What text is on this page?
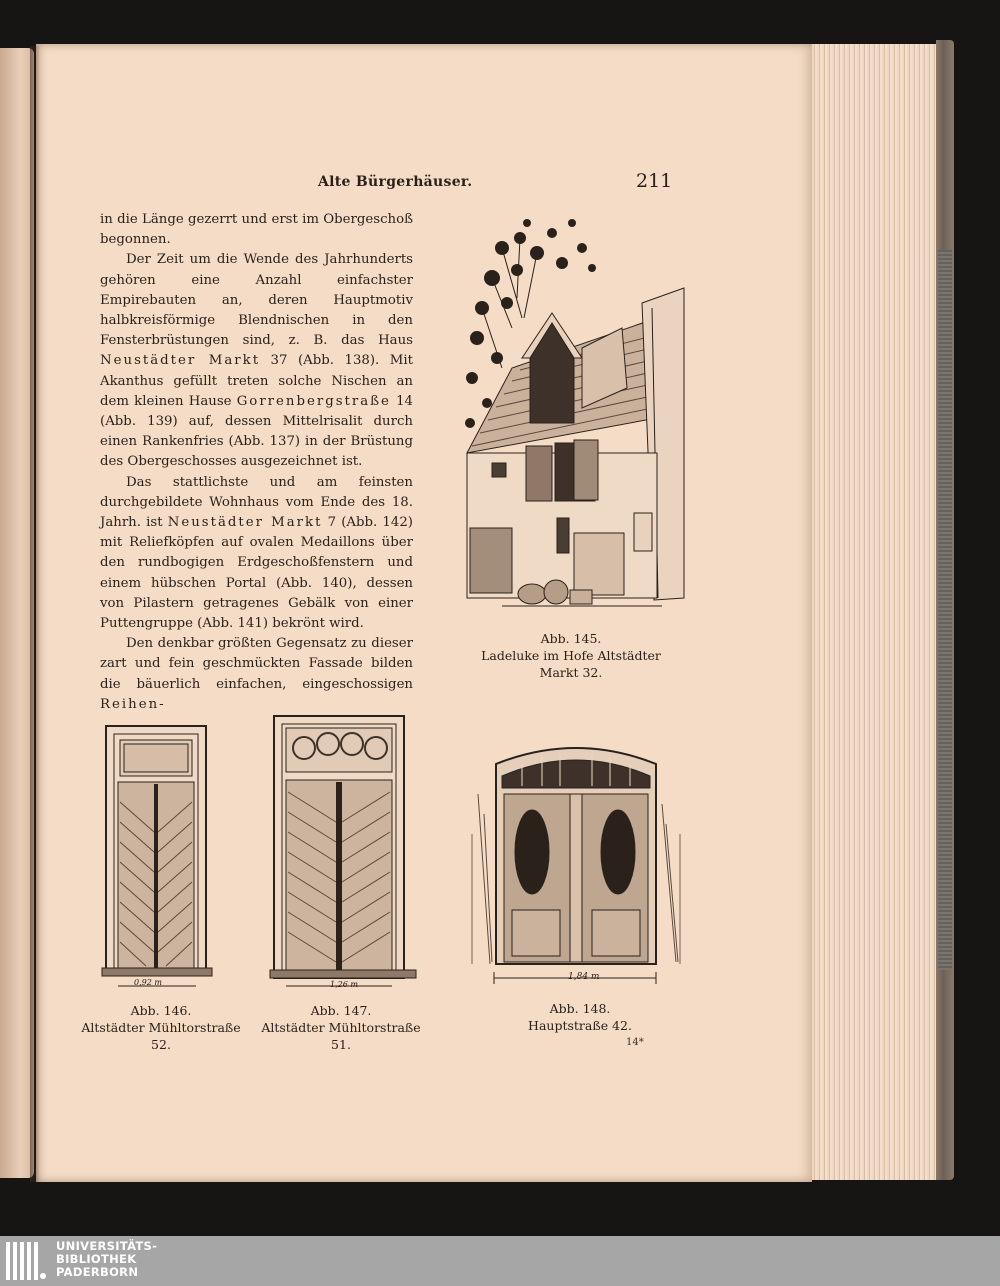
Alte Bürgerhäuser.	211

in die Länge gezerrt und erst im Obergeschoß begonnen.

Der Zeit um die Wende des Jahrhunderts gehören eine Anzahl einfachster Empirebauten an, deren Hauptmotiv halbkreisförmige Blendnischen in den Fensterbrüstungen sind, z. B. das Haus Neustädter Markt 37 (Abb. 138). Mit Akanthus gefüllt treten solche Nischen an dem kleinen Hause Gorrenbergstraße 14 (Abb. 139) auf, dessen Mittelrisalit durch einen Rankenfries (Abb. 137) in der Brüstung des Obergeschosses ausgezeichnet ist.

Das stattlichste und am feinsten durchgebildete Wohnhaus vom Ende des 18. Jahrh. ist Neustädter Markt 7 (Abb. 142) mit Reliefköpfen auf ovalen Medaillons über den rundbogigen Erdgeschoßfenstern und einem hübschen Portal (Abb. 140), dessen von Pilastern getragenes Gebälk von einer Puttengruppe (Abb. 141) bekrönt wird.

Den denkbar größten Gegensatz zu dieser zart und fein geschmückten Fassade bilden die bäuerlich einfachen, eingeschossigen Reihen-

Abb. 145.
Ladeluke im Hofe Altstädter Markt 32.
0,92 m
Abb. 146.
Altstädter Mühltorstraße 52.
1,26 m
Abb. 147.
Altstädter Mühltorstraße 51.
1,84 m
Abb. 148.
Hauptstraße 42.
14*
UNIVERSITÄTS-
BIBLIOTHEK
PADERBORN
